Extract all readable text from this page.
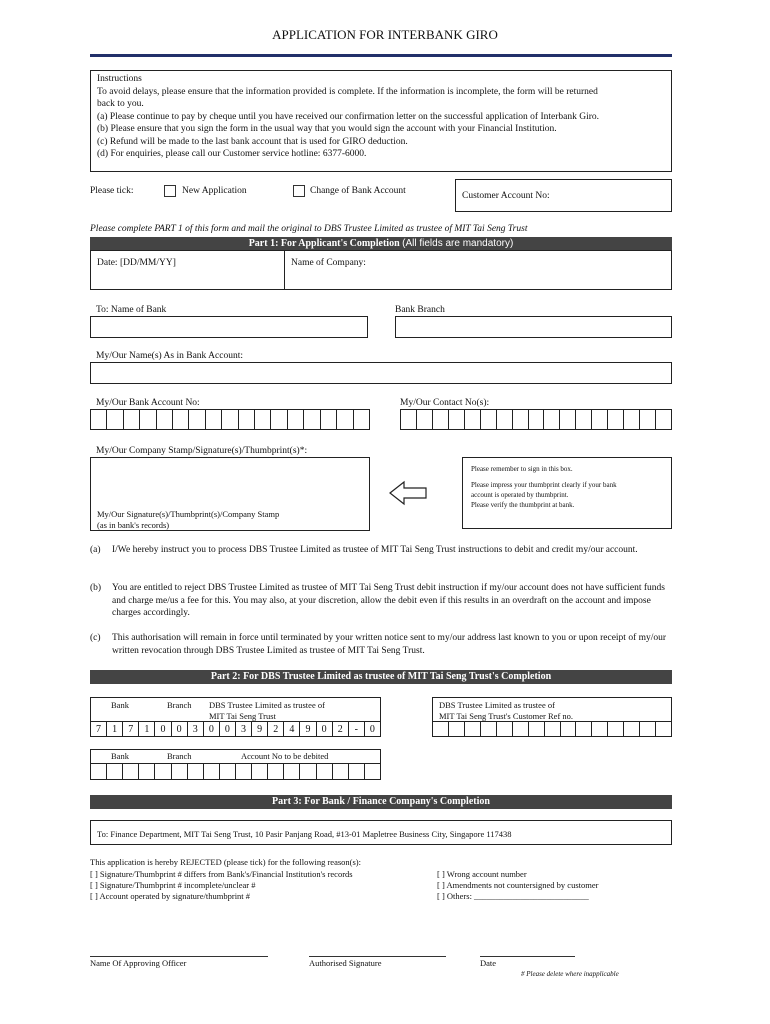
APPLICATION FOR INTERBANK GIRO
Instructions
To avoid delays, please ensure that the information provided is complete. If the information is incomplete, the form will be returned
back to you.
(a) Please continue to pay by cheque until you have received our confirmation letter on the successful application of Interbank Giro.
(b) Please ensure that you sign the form in the usual way that you would sign the account with your Financial Institution.
(c) Refund will be made to the last bank account that is used for GIRO deduction.
(d) For enquiries, please call our Customer service hotline: 6377-6000.
Please tick:	New Application	Change of Bank Account	Customer Account No:
Please complete PART 1 of this form and mail the original to DBS Trustee Limited as trustee of MIT Tai Seng Trust
Part 1: For Applicant's Completion (All fields are mandatory)
Date: [DD/MM/YY]	Name of Company:
To: Name of Bank	Bank Branch
My/Our Name(s) As in Bank Account:
My/Our Bank Account No:	My/Our Contact No(s):
My/Our Company Stamp/Signature(s)/Thumbprint(s)*:
My/Our Signature(s)/Thumbprint(s)/Company Stamp
(as in bank's records)
Please remember to sign in this box.
Please impress your thumbprint clearly if your bank
account is operated by thumbprint.
Please verify the thumbprint at bank.
(a) I/We hereby instruct you to process DBS Trustee Limited as trustee of MIT Tai Seng Trust instructions to debit and credit my/our account.
(b) You are entitled to reject DBS Trustee Limited as trustee of MIT Tai Seng Trust debit instruction if my/our account does not have sufficient funds and charge me/us a fee for this. You may also, at your discretion, allow the debit even if this results in an overdraft on the account and impose charges accordingly.
(c) This authorisation will remain in force until terminated by your written notice sent to my/our address last known to you or upon receipt of my/our written revocation through DBS Trustee Limited as trustee of MIT Tai Seng Trust.
Part 2: For DBS Trustee Limited as trustee of MIT Tai Seng Trust's Completion
Bank	Branch DBS Trustee Limited as trustee of
MIT Tai Seng Trust
7	1	7	1	0	0	3	0	0	3	9	2	4	9	0	2	-	0
DBS Trustee Limited as trustee of
MIT Tai Seng Trust's Customer Ref no.
Bank	Branch	Account No to be debited
Part 3: For Bank / Finance Company's Completion
To: Finance Department, MIT Tai Seng Trust, 10 Pasir Panjang Road, #13-01 Mapletree Business City, Singapore 117438
This application is hereby REJECTED (please tick) for the following reason(s):
[ ] Signature/Thumbprint # differs from Bank's/Financial Institution's records
[ ] Signature/Thumbprint # incomplete/unclear #
[ ] Account operated by signature/thumbprint #
[ ] Wrong account number
[ ] Amendments not countersigned by customer
[ ] Others: ___________________________
Name Of Approving Officer	Authorised Signature	Date
# Please delete where inapplicable
